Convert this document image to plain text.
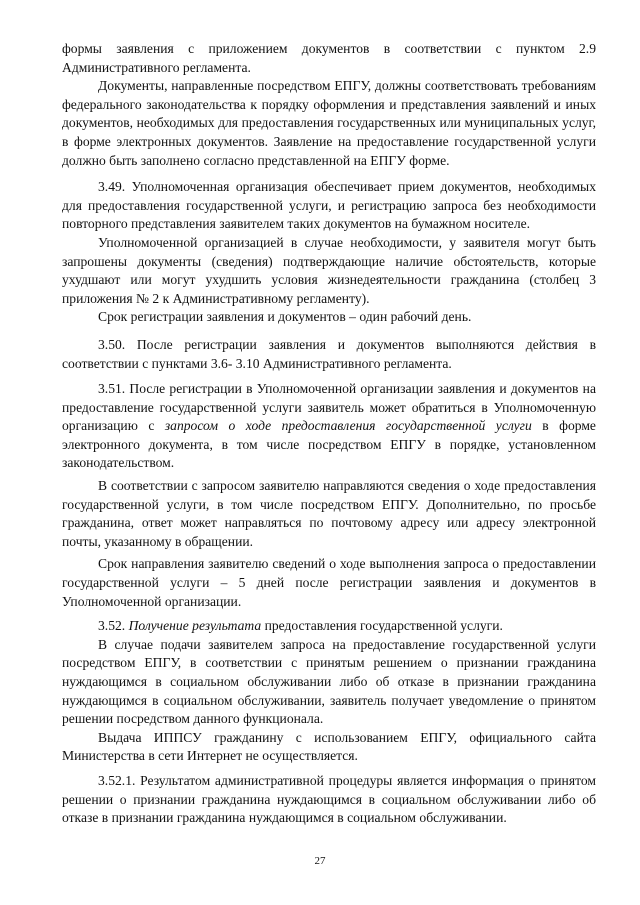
формы заявления с приложением документов в соответствии с пунктом 2.9 Административного регламента.

Документы, направленные посредством ЕПГУ, должны соответствовать требованиям федерального законодательства к порядку оформления и представления заявлений и иных документов, необходимых для предоставления государственных или муниципальных услуг, в форме электронных документов. Заявление на предоставление государственной услуги должно быть заполнено согласно представленной на ЕПГУ форме.

3.49. Уполномоченная организация обеспечивает прием документов, необходимых для предоставления государственной услуги, и регистрацию запроса без необходимости повторного представления заявителем таких документов на бумажном носителе.

Уполномоченной организацией в случае необходимости, у заявителя могут быть запрошены документы (сведения) подтверждающие наличие обстоятельств, которые ухудшают или могут ухудшить условия жизнедеятельности гражданина (столбец 3 приложения № 2 к Административному регламенту).

Срок регистрации заявления и документов – один рабочий день.

3.50. После регистрации заявления и документов выполняются действия в соответствии с пунктами 3.6- 3.10 Административного регламента.

3.51. После регистрации в Уполномоченной организации заявления и документов на предоставление государственной услуги заявитель может обратиться в Уполномоченную организацию с запросом о ходе предоставления государственной услуги в форме электронного документа, в том числе посредством ЕПГУ в порядке, установленном законодательством.

В соответствии с запросом заявителю направляются сведения о ходе предоставления государственной услуги, в том числе посредством ЕПГУ. Дополнительно, по просьбе гражданина, ответ может направляться по почтовому адресу или адресу электронной почты, указанному в обращении.

Срок направления заявителю сведений о ходе выполнения запроса о предоставлении государственной услуги – 5 дней после регистрации заявления и документов в Уполномоченной организации.

3.52. Получение результата предоставления государственной услуги.

В случае подачи заявителем запроса на предоставление государственной услуги посредством ЕПГУ, в соответствии с принятым решением о признании гражданина нуждающимся в социальном обслуживании либо об отказе в признании гражданина нуждающимся в социальном обслуживании, заявитель получает уведомление о принятом решении посредством данного функционала.

Выдача ИППСУ гражданину с использованием ЕПГУ, официального сайта Министерства в сети Интернет не осуществляется.

3.52.1. Результатом административной процедуры является информация о принятом решении о признании гражданина нуждающимся в социальном обслуживании либо об отказе в признании гражданина нуждающимся в социальном обслуживании.

27
